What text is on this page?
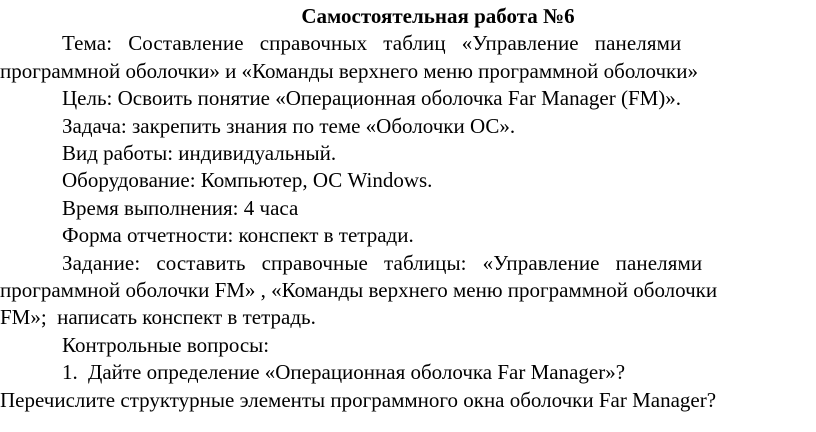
Самостоятельная работа №6

Тема:   Составление   справочных   таблиц   «Управление   панелями

программной оболочки» и «Команды верхнего меню программной оболочки»

Цель: Освоить понятие «Операционная оболочка Far Manager (FM)».

Задача: закрепить знания по теме «Оболочки ОС».

Вид работы: индивидуальный.

Оборудование: Компьютер, ОС Windows.

Время выполнения: 4 часа

Форма отчетности: конспект в тетради.

Задание:   составить   справочные   таблицы:   «Управление   панелями

программной оболочки FM» , «Команды верхнего меню программной оболочки

FM»;  написать конспект в тетрадь.

Контрольные вопросы:

1. Дайте определение «Операционная оболочка Far Manager»?

Перечислите структурные элементы программного окна оболочки Far Manager?
